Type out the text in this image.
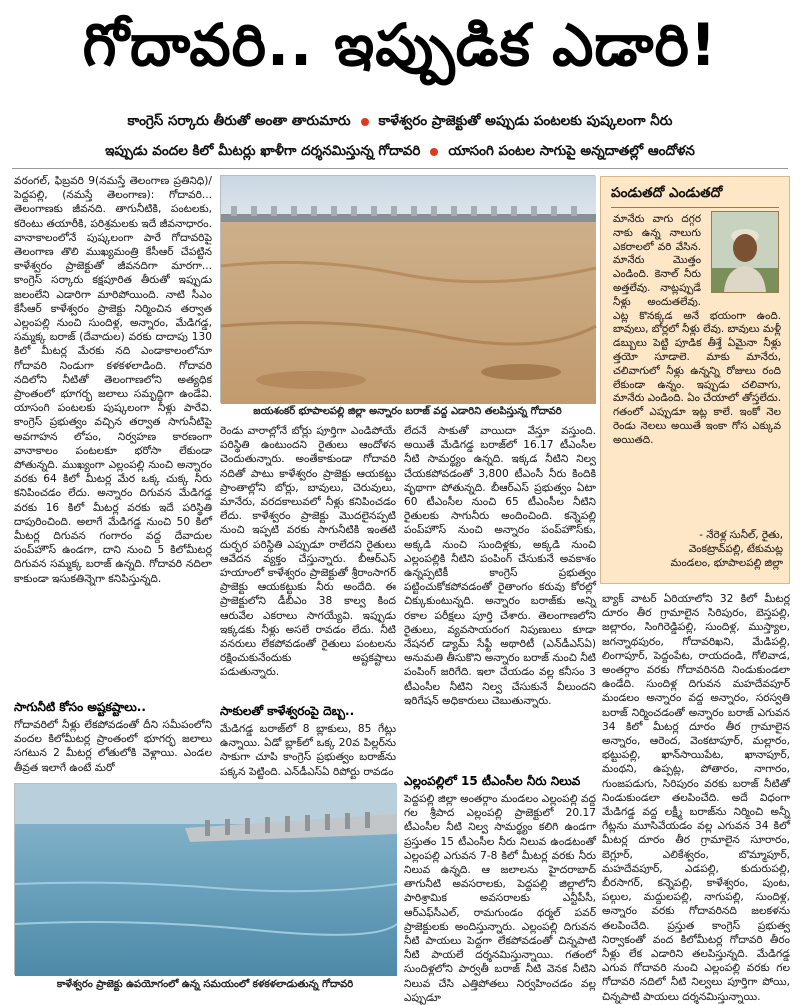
గోదావరి.. ఇప్పుడిక ఎడారి!
కాంగ్రెస్ సర్కారు తీరుతో అంతా తారుమారు కాళేశ్వరం ప్రాజెక్టుతో అప్పుడు పంటలకు పుష్కలంగా నీరు
ఇప్పుడు వందల కిలో మీటర్లు ఖాళీగా దర్శనమిస్తున్న గోదావరి యాసంగి పంటల సాగుపై అన్నదాతల్లో ఆందోళన

వరంగల్, ఫిబ్రవరి 9(నమస్తే తెలంగాణ ప్రతినిధి)/పెద్దపల్లి, (నమస్తే తెలంగాణ): గోదావరి... తెలంగాణకు జీవనది. తాగునీటికి, పంటలకు, కరెంటు తయారీకి, పరిశ్రమలకు ఇదే జీవనాధారం. వానాకాలంలోనే పుష్కలంగా పారే గోదావరిపై తెలంగాణ తొలి ముఖ్యమంత్రి కేసీఆర్ చేపట్టిన కాళేశ్వరం ప్రాజెక్టుతో జీవనదిగా మారగా... కాంగ్రెస్ సర్కారు కక్షపూరిత తీరుతో ఇప్పుడు జలంలేని ఎడారిగా మారిపోయింది. నాటి సీఎం కేసీఆర్ కాళేశ్వరం ప్రాజెక్టు నిర్మించిన తర్వాత ఎల్లంపల్లి నుంచి సుందిళ్ల, అన్నారం, మేడిగడ్డ, సమ్మక్క బరాజ్ (దేవాదుల) వరకు దాదాపు 130 కిలో మీటర్ల మేరకు నది ఎండాకాలంలోనూ గోదావరి నిండుగా కళకళలాడింది. గోదావరి నదిలోని నీటితో తెలంగాణలోని అత్యధిక ప్రాంతంలో భూగర్భ జలాలు సమృద్ధిగా ఉండేవి. యాసంగి పంటలకు పుష్కలంగా నీళ్లు పారేవి. కాంగ్రెస్ ప్రభుత్వం వచ్చిన తర్వాత సాగునీటిపై అవగాహన లోపం, నిర్వహణ కారణంగా వానాకాలం పంటలకూ భరోసా లేకుండా పోతున్నది. ముఖ్యంగా ఎల్లంపల్లి నుంచి అన్నారం వరకు 64 కిలో మీటర్ల మేర ఒక్క చుక్క నీరు కనిపించడం లేదు. అన్నారం దిగువన మేడిగడ్డ వరకు 16 కిలో మీటర్ల వరకు ఇదే పరిస్థితి దాపురించింది. అలాగే మేడిగడ్డ నుంచి 50 కిలో మీటర్ల దిగువన గంగారం వద్ద దేవాదుల పంప్‌హౌస్‌ ఉండగా, దాని నుంచి 5 కిలోమీటర్ల దిగువన సమ్మక్క బరాజ్ ఉన్నది. గోదావరి నదిలా కాకుండా ఇసుకతిన్నెగా కనిపిస్తున్నది.

సాగునీటి కోసం అష్టకష్టాలు..

గోదావరిలో నీళ్లు లేకపోవడంతో దీని సమీపంలోని వందల కిలోమీటర్ల ప్రాంతంలో భూగర్భ జలాలు సగటున 2 మీటర్ల లోతులోకి వెళ్లాయి. ఎండల తీవ్రత ఇలాగే ఉంటే మరో

జయశంకర్ భూపాలపల్లి జిల్లా అన్నారం బరాజ్ వద్ద ఎడారిని తలపిస్తున్న గోదావరి

రెండు వారాల్లోనే బోర్లు పూర్తిగా ఎండిపోయే పరిస్థితి ఉంటుందని రైతులు ఆందోళన చెందుతున్నారు. అంతేకాకుండా గోదావరి నదితో పాటు కాళేశ్వరం ప్రాజెక్టు ఆయకట్టు ప్రాంతాల్లోని బోర్లు, బావులు, చెరువులు, మానేరు, వరదకాలువలో నీళ్లు కనిపించడం లేదు. కాళేశ్వరం ప్రాజెక్టు మొదలైనప్పటి నుంచి ఇప్పటి వరకు సాగునీటికి ఇంతటి దుర్భర పరిస్థితి ఎప్పుడూ రాలేదని రైతులు ఆవేదన వ్యక్తం చేస్తున్నారు. బీఆర్ఎస్ హయాంలో కాళేశ్వరం ప్రాజెక్టుతో శ్రీరాంసాగర్ ప్రాజెక్టు ఆయకట్టుకు నీరు అందేది. ఈ ప్రాజెక్టులోని డీబీఎం 38 కాల్వ కింద ఆరువేల ఎకరాలు సాగయ్యేవి. ఇప్పుడు ఇక్కడకు నీళ్లు అసలే రావడం లేదు. నీటి వనరులు లేకపోవడంతో రైతులు పంటలను రక్షించుకునేందుకు అష్టకష్టాలు పడుతున్నారు.

సాకులతో కాళేశ్వరంపై దెబ్బ..

మేడిగడ్డ బరాజ్‌లో 8 బ్లాకులు, 85 గేట్లు ఉన్నాయి. ఏడో బ్లాక్‌లో ఒక్క 20వ పిల్లర్‌ను సాకుగా చూపి కాంగ్రెస్ ప్రభుత్వం బరాజ్‌ను పక్కన పెట్టింది. ఎన్‌డీఎస్‌ఏ రిపోర్టు రావడం

లేదనే సాకుతో వాయిదా వేస్తూ వస్తుంది. అయితే మేడిగడ్డ బరాజ్‌లో 16.17 టీఎంసీల నీటి సామర్థ్యం ఉన్నది. ఇక్కడ నీటిని నిల్వ చేయకపోవడంతో 3,800 టీఎంసీ నీరు కిందికి వృథాగా పోతున్నది. బీఆర్ఎస్ ప్రభుత్వం ఏటా 60 టీఎంసీల నుంచి 65 టీఎంసీల నీటిని రైతులకు సాగునీరు అందించింది. కన్నెపల్లి పంప్‌హౌస్ నుంచి అన్నారం పంప్‌హౌస్‌కు, అక్కడి నుంచి సుందిళ్లకు, అక్కడి నుంచి ఎల్లంపల్లికి నీటిని పంపింగ్ చేసుకునే అవకాశం ఉన్నప్పటికీ కాంగ్రెస్ ప్రభుత్వం పట్టించుకోకపోవడంతో రైతాంగం కరువు కోరల్లో చిక్కుకుంటున్నది. అన్నారం బరాజ్‌కు అన్ని రకాల పరీక్షలు పూర్తి చేశారు. తెలంగాణలోని రైతులు, వ్యవసాయరంగ నిపుణులు కూడా నేషనల్ డ్యామ్ సేఫ్టీ అథారిటీ (ఎన్‌డీఎస్‌ఏ) అనుమతి తీసుకొని అన్నారం బరాజ్ నుంచి నీటి పంపింగ్ జరిగేది. ఇలా చేయడం వల్ల కనీసం 3 టీఎంసీల నీటిని నిల్వ చేసుకునే వీలుందని ఇరిగేషన్ అధికారులు చెబుతున్నారు.

ఎల్లంపల్లిలో 15 టీఎంసీల నీరు నిలువ

పెద్దపల్లి జిల్లా అంతర్గాం మండలం ఎల్లంపల్లి వద్ద గల శ్రీపాద ఎల్లంపల్లి ప్రాజెక్టులో 20.17 టీఎంసీల నీటి నిల్వ సామర్థ్యం కలిగి ఉండగా ప్రస్తుతం 15 టీఎంసీల నీరు నిలువ ఉండటంతో ఎల్లంపల్లి ఎగువన 7-8 కిలో మీటర్ల వరకు నీరు నిలువ ఉన్నది. ఆ జలాలను హైదరాబాద్ తాగునీటి అవసరాలకు, పెద్దపల్లి జిల్లాలోని పారిశ్రామిక అవసరాలకు ఎన్టీపీసీ, ఆర్‌ఎఫ్‌సీఎల్, రామగుండం థర్మల్ పవర్ ప్రాజెక్టులకు అందిస్తున్నారు. ఎల్లంపల్లి దిగువన నీటి పాయలు పెద్దగా లేకపోవడంతో చిన్నపాటి నీటి పాయలే దర్శనమిస్తున్నాయి. గతంలో సుందిళ్లలోని పార్వతీ బరాజ్ నీటి వెనక నీటిని నిలువ చేసి ఎత్తిపోతలు నిర్వహించడం వల్ల ఎప్పుడూ

పండుతదో ఎండుతదో
మానేరు వాగు దగ్గర నాకు ఉన్న నాలుగు ఎకరాలలో వరి వేసిన. మానేరు మొత్తం ఎండింది. కెనాల్ నీరు అత్తలేవు. నాట్లప్పుడే నీళ్లు అందుతలేవు. ఎట్ల కొనక్కడ అనే భయంగా ఉంది. బావులు, బోర్లలో నీళ్లు లేవు. బావులు మళ్లీ డబ్బులు పెట్టి పూడిక తీశ్తే ఏమైనా నీళ్లు త్తయో సూడాలె. మాకు మానేరు, చలివాగులో నీళ్లు ఉన్నన్ని రోజులు రంది లేకుండా ఉన్నం. ఇప్పుడు చలివాగు, మానేరు ఎండింది. ఏం చేయాలో తోస్తలేదు. గతంలో ఎప్పుడూ ఇట్ల కాలే. ఇంకో నెల రెండు నెలలు అయితే ఇంకా గోస ఎక్కువ అయితది.
- నేరెళ్ల సునీల్, రైతు,
వెంకట్రావ్‌పల్లి, టేకుమట్ల
మండలం, భూపాలపల్లి జిల్లా

బ్యాక్ వాటర్ ఏరియాలోని 32 కిలో మీటర్ల దూరం తీర గ్రామాలైన సిరిపురం, బెస్తపల్లి, జల్లారం, సింగిరెడ్డిపల్లి, సుందిళ్ల, ముస్త్యాల, జగన్నాథపురం, గోదావరిఖని, మేడిపల్లి, లింగాపూర్, పెద్దంపేట, రాయదండి, గోలివాడ, అంతర్గాం వరకు గోదావరినది నిండుకుండలా ఉండేది. సుందిళ్ల దిగువన మహదేవపూర్ మండలం అన్నారం వద్ద అన్నారం, సరస్వతి బరాజ్ నిర్మించడంతో అన్నారం బరాజ్ ఎగువన 34 కిలో మీటర్ల దూరం తీర గ్రామాలైన అన్నారం, ఆరెంద, వెంకటాపూర్, మల్లారం, భట్టుపల్లి, ఖాన్‌సాయిపేట, ఖానాపూర్, మంథని, ఉప్పట్ల, పోతారం, నాగారం, గుంజపడుగు, సిరిపురం వరకు బరాజ్ నీటితో నిండుకుండలా తలపించేది. అదే విధంగా మేడిగడ్డ వద్ద లక్ష్మీ బరాజ్‌ను నిర్మించి అన్నీ గేట్లను మూసివేయడం వల్ల ఎగువన 34 కిలో మీటర్ల దూరం తీర గ్రామాలైన సూరారం, బెగ్లూర్, ఎలికేశ్వరం, బొమ్మాపూర్, మహదేవపూర్, ఎడపల్లి, కుదురుపల్లి, బీరసాగర్, కన్నెపల్లి, కాళేశ్వరం, పుంట, పల్గుల, మద్దులపల్లి, నాగుపల్లి, సుందిళ్ల, అన్నారం వరకు గోదావరినది జలకళను తలపించేది. ప్రస్తుత కాంగ్రెస్ ప్రభుత్వ నిర్వాకంతో వంద కిలోమీటర్ల గోదావరి తీరం నీళ్లు లేక ఎడారిని తలపిస్తున్నది. మేడిగడ్డ ఎగువ గోదావరి నుంచి ఎల్లంపల్లి వరకు గల గోదావరి నదిలో నీటి నిల్వలు పూర్తిగా పోయి, చిన్నపాటి పాయలు దర్శనమిస్తున్నాయి.

కాళేశ్వరం ప్రాజెక్టు ఉపయోగంలో ఉన్న సమయంలో కళకళలాడుతున్న గోదావరి
